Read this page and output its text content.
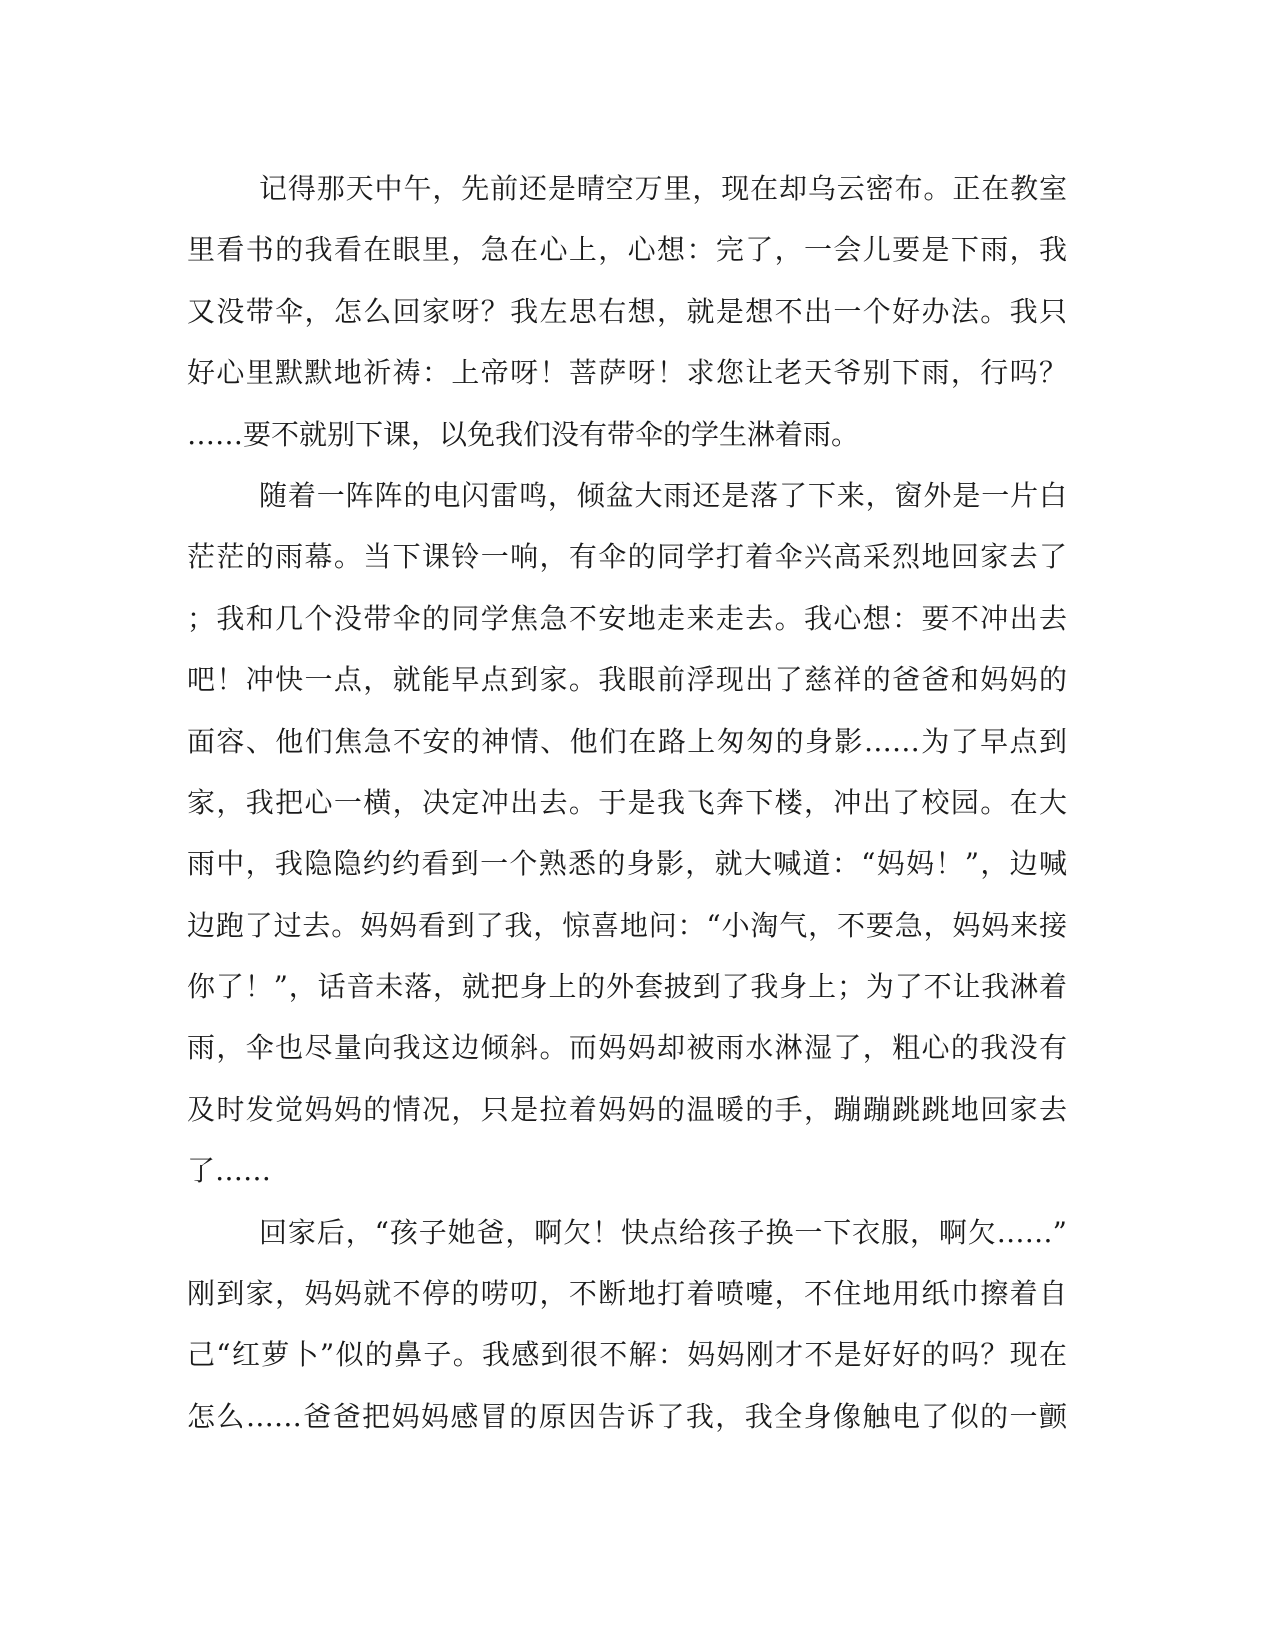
记得那天中午，先前还是晴空万里，现在却乌云密布。正在教室
里看书的我看在眼里，急在心上，心想：完了，一会儿要是下雨，我
又没带伞，怎么回家呀？我左思右想，就是想不出一个好办法。我只
好心里默默地祈祷：上帝呀！菩萨呀！求您让老天爷别下雨，行吗？
……要不就别下课，以免我们没有带伞的学生淋着雨。
随着一阵阵的电闪雷鸣，倾盆大雨还是落了下来，窗外是一片白
茫茫的雨幕。当下课铃一响，有伞的同学打着伞兴高采烈地回家去了
；我和几个没带伞的同学焦急不安地走来走去。我心想：要不冲出去
吧！冲快一点，就能早点到家。我眼前浮现出了慈祥的爸爸和妈妈的
面容、他们焦急不安的神情、他们在路上匆匆的身影……为了早点到
家，我把心一横，决定冲出去。于是我飞奔下楼，冲出了校园。在大
雨中，我隐隐约约看到一个熟悉的身影，就大喊道：“妈妈！”，边喊
边跑了过去。妈妈看到了我，惊喜地问：“小淘气，不要急，妈妈来接
你了！”，话音未落，就把身上的外套披到了我身上；为了不让我淋着
雨，伞也尽量向我这边倾斜。而妈妈却被雨水淋湿了，粗心的我没有
及时发觉妈妈的情况，只是拉着妈妈的温暖的手，蹦蹦跳跳地回家去
了……
回家后，“孩子她爸，啊欠！快点给孩子换一下衣服，啊欠……”
刚到家，妈妈就不停的唠叨，不断地打着喷嚏，不住地用纸巾擦着自
己“红萝卜”似的鼻子。我感到很不解：妈妈刚才不是好好的吗？现在
怎么……爸爸把妈妈感冒的原因告诉了我，我全身像触电了似的一颤
